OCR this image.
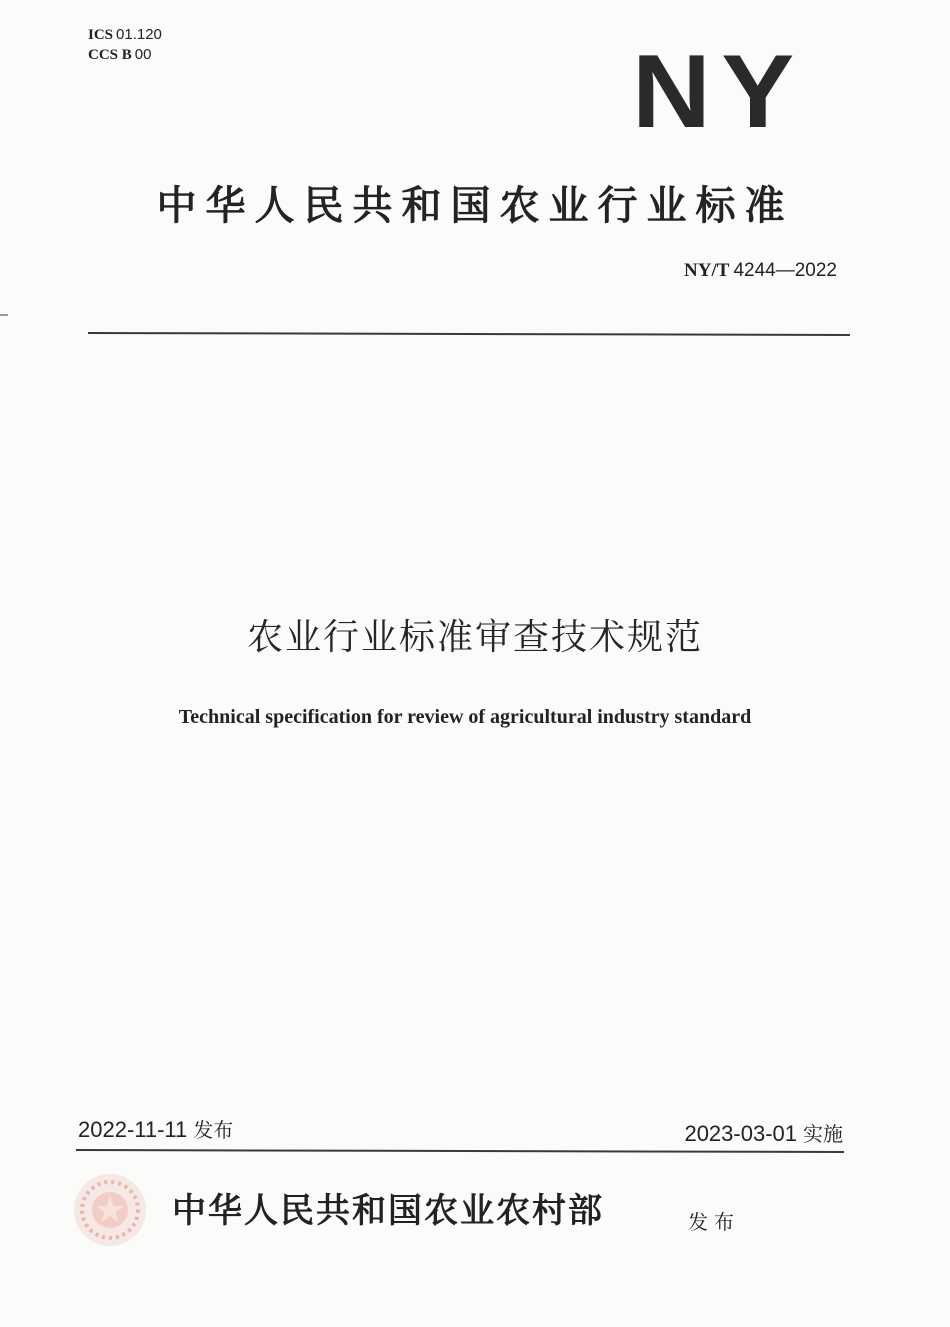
ICS 01.120
CCS B 00	NY
中华人民共和国农业行业标准
NY/T 4244—2022
农业行业标准审查技术规范
Technical specification for review of agricultural industry standard
2022-11-11 发布	2023-03-01 实施
中华人民共和国农业农村部	发布
